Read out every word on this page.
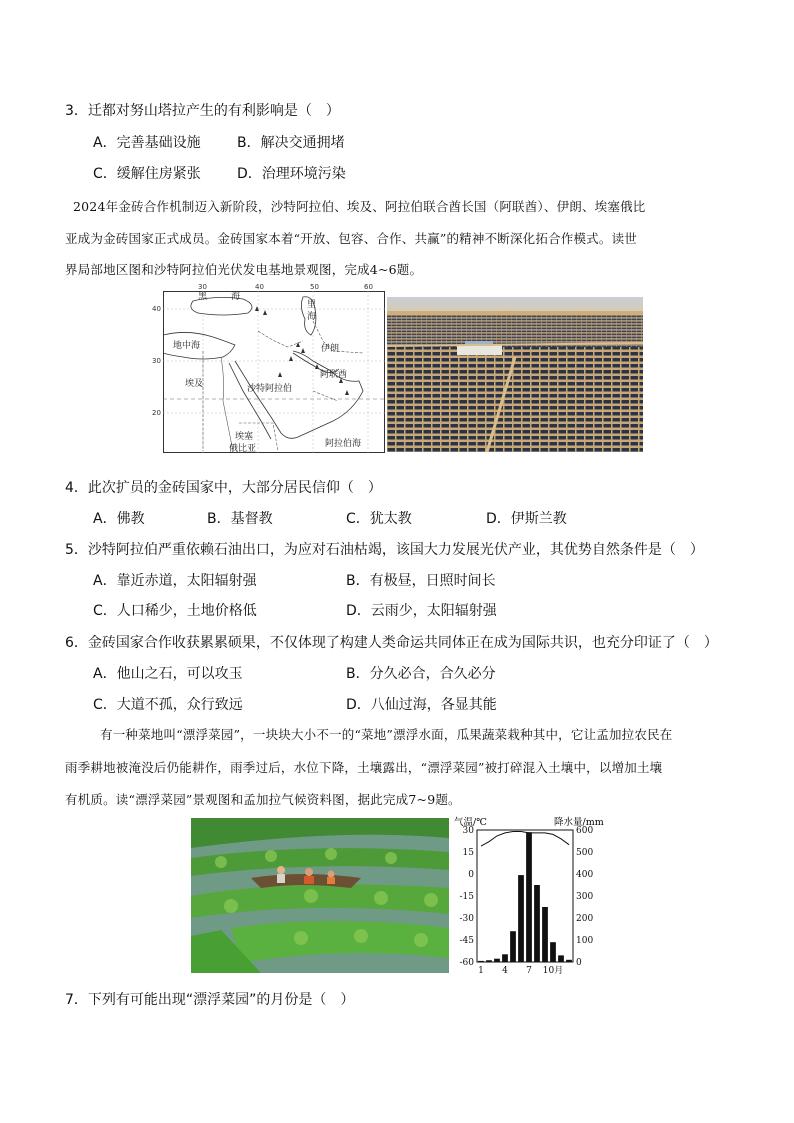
3．迁都对努山塔拉产生的有利影响是（　）
A．完善基础设施	B．解决交通拥堵
C．缓解住房紧张	D．治理环境污染
2024年金砖合作机制迈入新阶段，沙特阿拉伯、埃及、阿拉伯联合酋长国（阿联酋）、伊朗、埃塞俄比
亚成为金砖国家正式成员。金砖国家本着“开放、包容、合作、共赢”的精神不断深化拓合作模式。读世
界局部地区图和沙特阿拉伯光伏发电基地景观图，完成4~6题。
黑	海
里
海
地中海	伊朗
阿联酋
埃及	沙特阿拉伯
阿拉伯海
埃塞
俄比亚
30	40	50	60
40
30
20
4．此次扩员的金砖国家中，大部分居民信仰（　）
A．佛教	B．基督教	C．犹太教	D．伊斯兰教
5．沙特阿拉伯严重依赖石油出口，为应对石油枯竭，该国大力发展光伏产业，其优势自然条件是（　）
A．靠近赤道，太阳辐射强	B．有极昼，日照时间长
C．人口稀少，土地价格低	D．云雨少，太阳辐射强
6．金砖国家合作收获累累硕果，不仅体现了构建人类命运共同体正在成为国际共识，也充分印证了（　）
A．他山之石，可以攻玉	B．分久必合，合久必分
C．大道不孤，众行致远	D．八仙过海，各显其能
有一种菜地叫“漂浮菜园”，一块块大小不一的“菜地”漂浮水面，瓜果蔬菜栽种其中，它让孟加拉农民在
雨季耕地被淹没后仍能耕作，雨季过后，水位下降，土壤露出，“漂浮菜园”被打碎混入土壤中，以增加土壤
有机质。读“漂浮菜园”景观图和孟加拉气候资料图，据此完成7~9题。
30
15
0
-15
-30
-45
-60
600
500
400
300
200
100
0
1 4 7 10月
气温/℃	降水量/mm
7．下列有可能出现“漂浮菜园”的月份是（　）
